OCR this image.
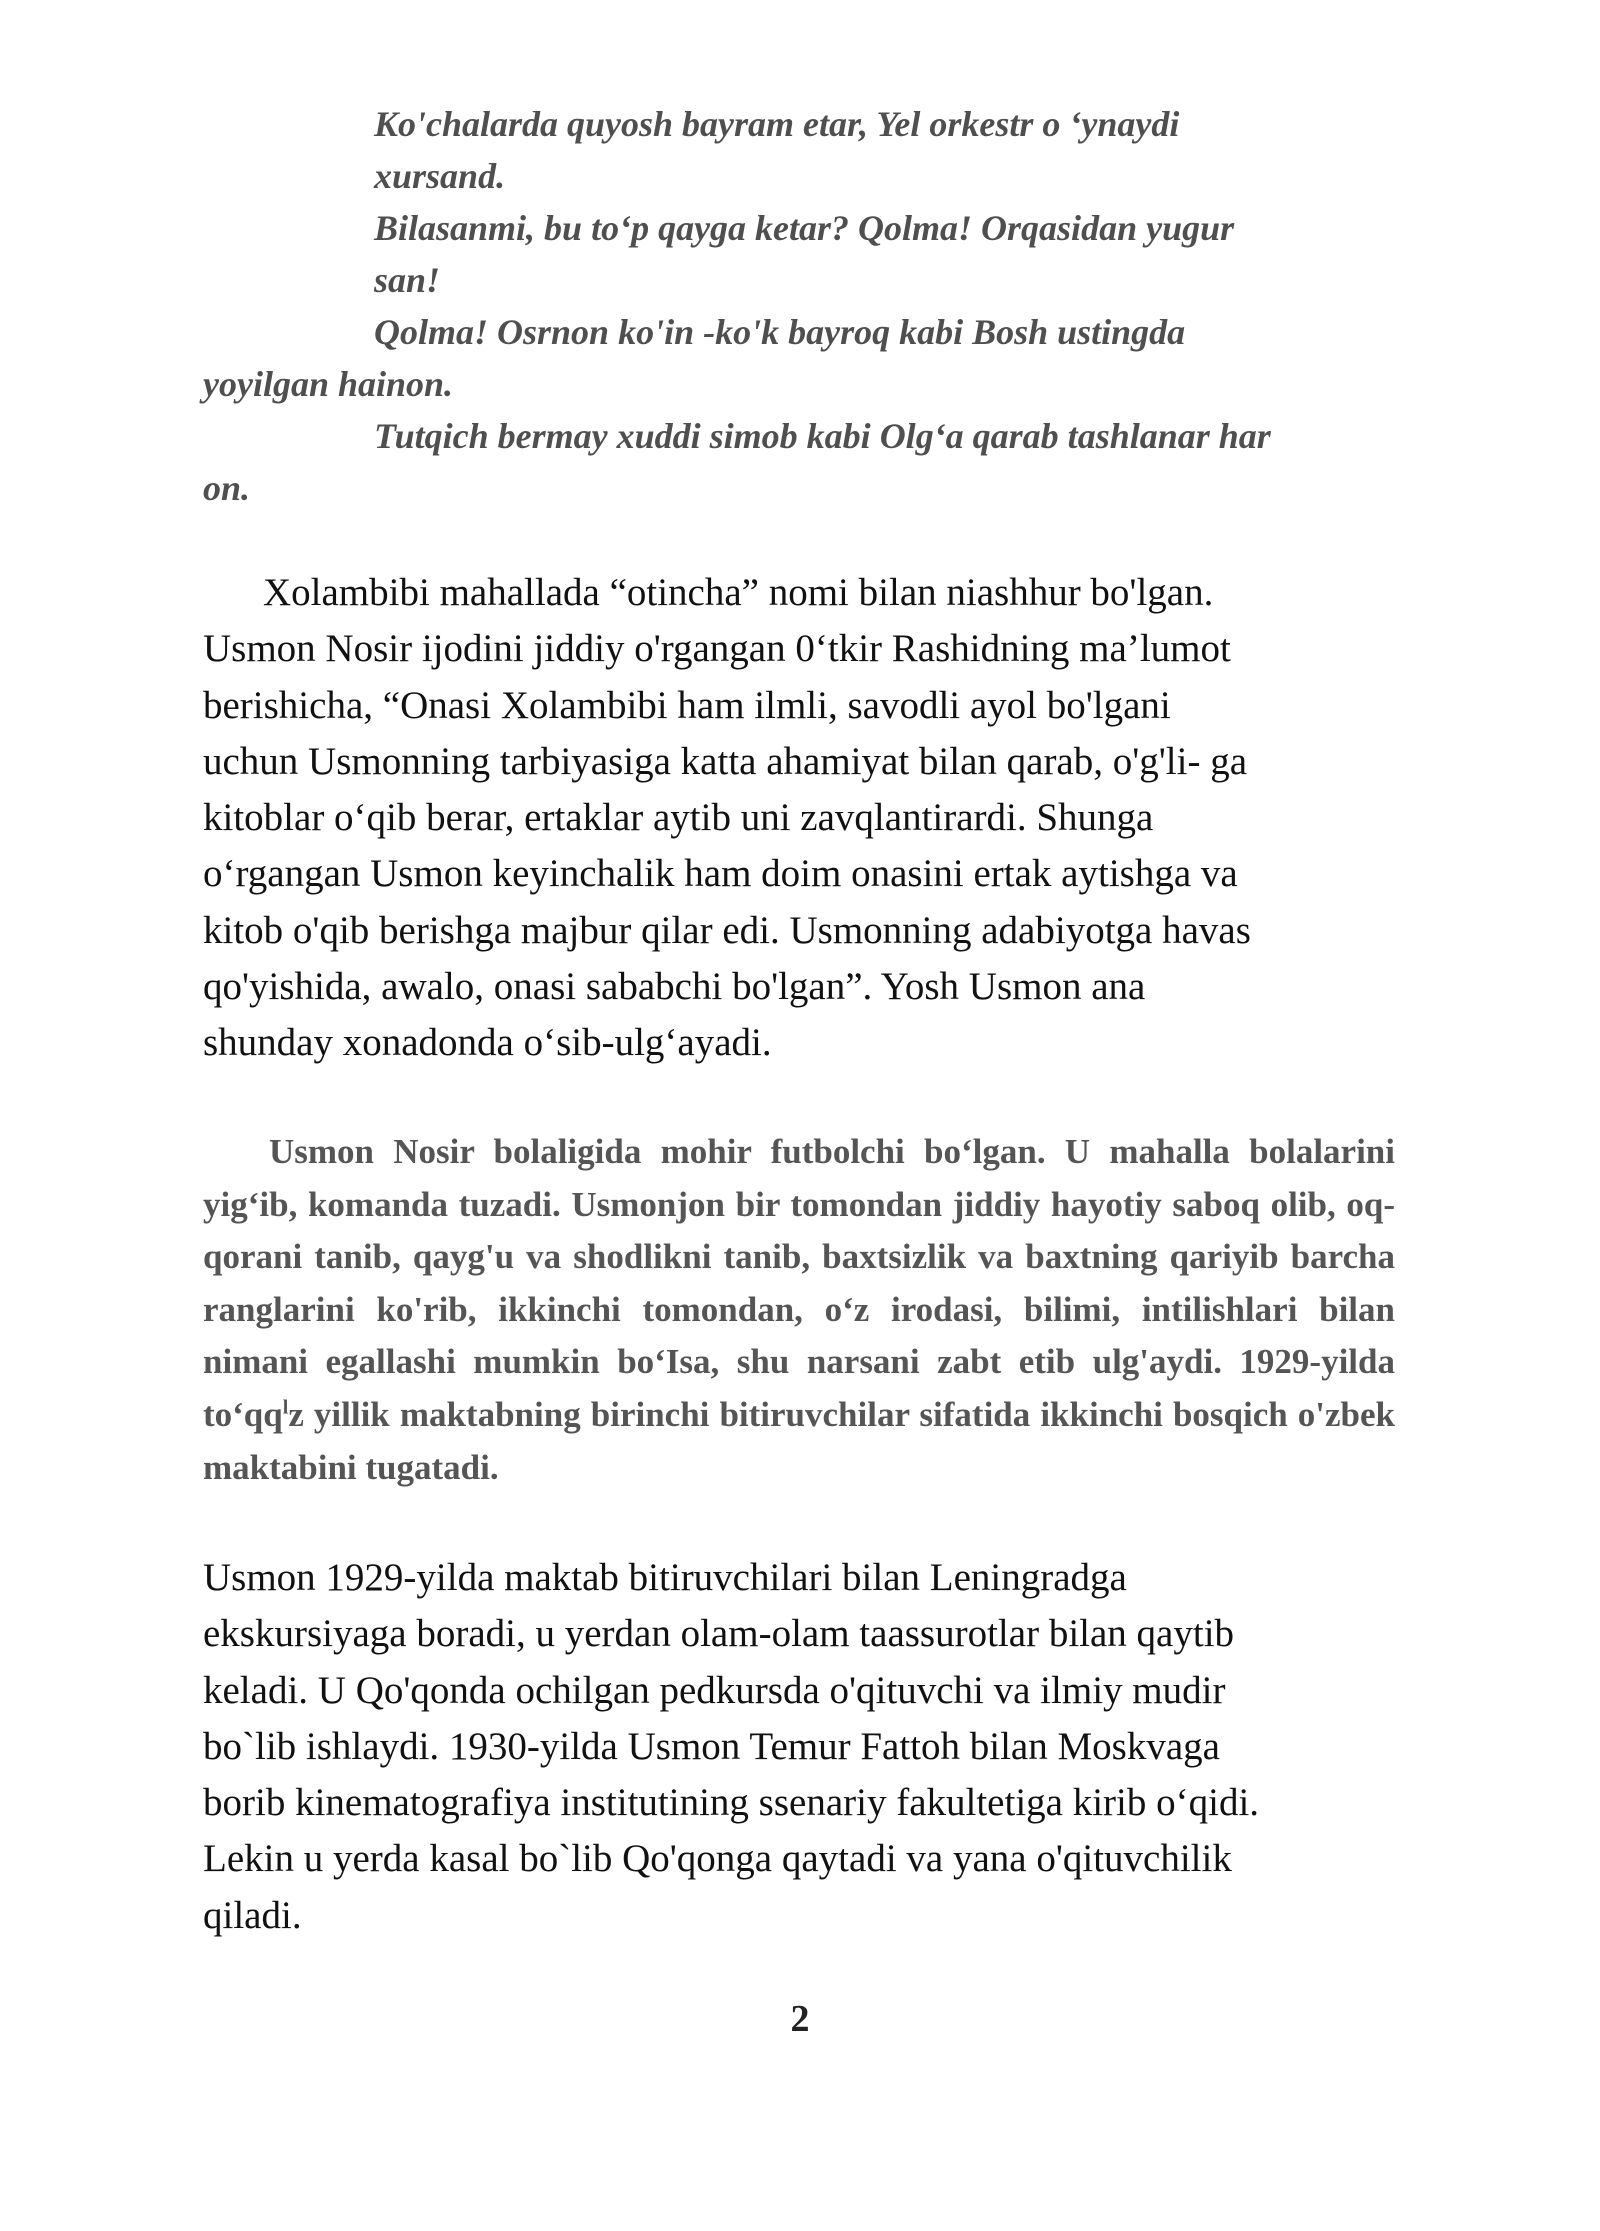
Ko'chalarda quyosh bayram etar, Yel orkestr o ‘ynaydi

xursand.

Bilasanmi, bu to‘p qayga ketar? Qolma! Orqasidan yugur

san!

Qolma! Osrnon ko'in -ko'k bayroq kabi Bosh ustingda

yoyilgan hainon.

Tutqich bermay xuddi simob kabi Olg‘a qarab tashlanar har

on.

Xolambibi mahallada “otincha” nomi bilan niashhur bo'lgan.
Usmon Nosir ijodini jiddiy o'rgangan 0‘tkir Rashidning ma’lumot
berishicha, “Onasi Xolambibi ham ilmli, savodli ayol bo'lgani
uchun Usmonning tarbiyasiga katta ahamiyat bilan qarab, o'g'li- ga
kitoblar o‘qib berar, ertaklar aytib uni zavqlantirardi. Shunga
o‘rgangan Usmon keyinchalik ham doim onasini ertak aytishga va
kitob o'qib berishga majbur qilar edi. Usmonning adabiyotga havas
qo'yishida, awalo, onasi sababchi bo'lgan”. Yosh Usmon ana
shunday xonadonda o‘sib-ulg‘ayadi.

Usmon Nosir bolaligida mohir futbolchi bo‘lgan. U mahalla bolalarini yig‘ib, komanda tuzadi. Usmonjon bir tomondan jiddiy hayotiy saboq olib, oq-qorani tanib, qayg'u va shodlikni tanib, baxtsizlik va baxtning qariyib barcha ranglarini ko'rib, ikkinchi tomondan, o‘z irodasi, bilimi, intilishlari bilan nimani egallashi mumkin bo‘Isa, shu narsani zabt etib ulg'aydi. 1929-yilda $to‘qq^lz$ yillik maktabning birinchi bitiruvchilar sifatida ikkinchi bosqich o'zbek maktabini tugatadi.

Usmon 1929-yilda maktab bitiruvchilari bilan Leningradga
ekskursiyaga boradi, u yerdan olam-olam taassurotlar bilan qaytib
keladi. U Qo'qonda ochilgan pedkursda o'qituvchi va ilmiy mudir
bo`lib ishlaydi. 1930-yilda Usmon Temur Fattoh bilan Moskvaga
borib kinematografiya institutining ssenariy fakultetiga kirib o‘qidi.
Lekin u yerda kasal bo`lib Qo'qonga qaytadi va yana o'qituvchilik
qiladi.
2
